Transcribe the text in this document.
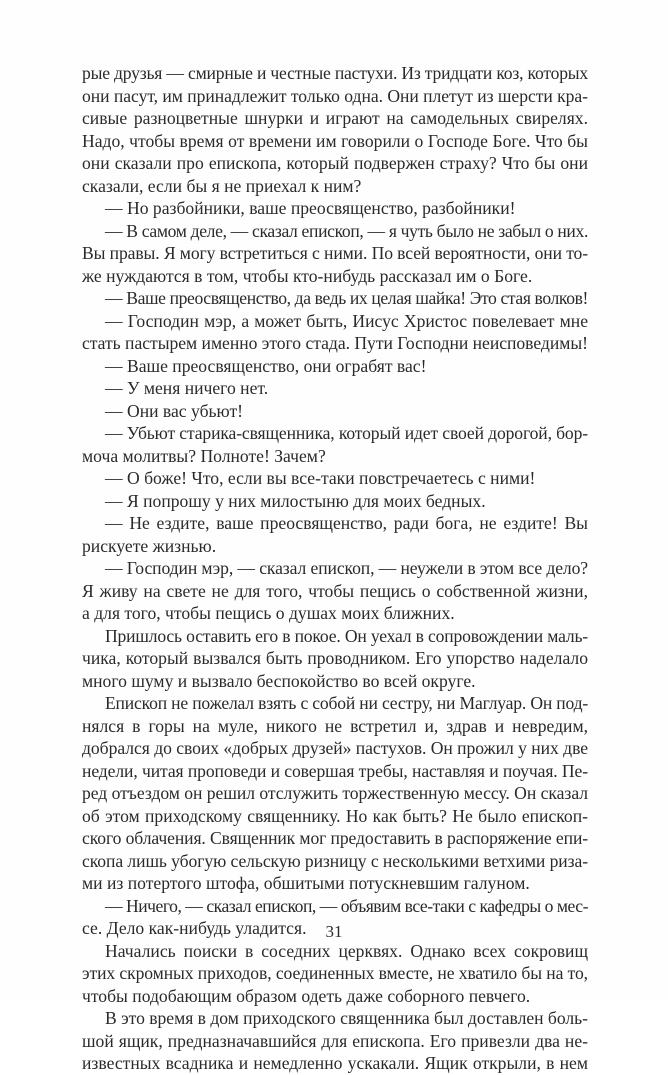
рые друзья — смирные и честные пастухи. Из тридцати коз, которых
они пасут, им принадлежит только одна. Они плетут из шерсти кра-
сивые разноцветные шнурки и играют на самодельных свирелях.
Надо, чтобы время от времени им говорили о Господе Боге. Что бы
они сказали про епископа, который подвержен страху? Что бы они
сказали, если бы я не приехал к ним?
— Но разбойники, ваше преосвященство, разбойники!
— В самом деле, — сказал епископ, — я чуть было не забыл о них.
Вы правы. Я могу встретиться с ними. По всей вероятности, они то-
же нуждаются в том, чтобы кто-нибудь рассказал им о Боге.
— Ваше преосвященство, да ведь их целая шайка! Это стая волков!
— Господин мэр, а может быть, Иисус Христос повелевает мне
стать пастырем именно этого стада. Пути Господни неисповедимы!
— Ваше преосвященство, они ограбят вас!
— У меня ничего нет.
— Они вас убьют!
— Убьют старика-священника, который идет своей дорогой, бор-
моча молитвы? Полноте! Зачем?
— О боже! Что, если вы все-таки повстречаетесь с ними!
— Я попрошу у них милостыню для моих бедных.
— Не ездите, ваше преосвященство, ради бога, не ездите! Вы
рискуете жизнью.
— Господин мэр, — сказал епископ, — неужели в этом все дело?
Я живу на свете не для того, чтобы пещись о собственной жизни,
а для того, чтобы пещись о душах моих ближних.
Пришлось оставить его в покое. Он уехал в сопровождении маль-
чика, который вызвался быть проводником. Его упорство наделало
много шуму и вызвало беспокойство во всей округе.
Епископ не пожелал взять с собой ни сестру, ни Маглуар. Он под-
нялся в горы на муле, никого не встретил и, здрав и невредим,
добрался до своих «добрых друзей» пастухов. Он прожил у них две
недели, читая проповеди и совершая требы, наставляя и поучая. Пе-
ред отъездом он решил отслужить торжественную мессу. Он сказал
об этом приходскому священнику. Но как быть? Не было епископ-
ского облачения. Священник мог предоставить в распоряжение епи-
скопа лишь убогую сельскую ризницу с несколькими ветхими риза-
ми из потертого штофа, обшитыми потускневшим галуном.
— Ничего, — сказал епископ, — объявим все-таки с кафедры о мес-
се. Дело как-нибудь уладится.
Начались поиски в соседних церквях. Однако всех сокровищ
этих скромных приходов, соединенных вместе, не хватило бы на то,
чтобы подобающим образом одеть даже соборного певчего.
В это время в дом приходского священника был доставлен боль-
шой ящик, предназначавшийся для епископа. Его привезли два не-
известных всадника и немедленно ускакали. Ящик открыли, в нем
31
